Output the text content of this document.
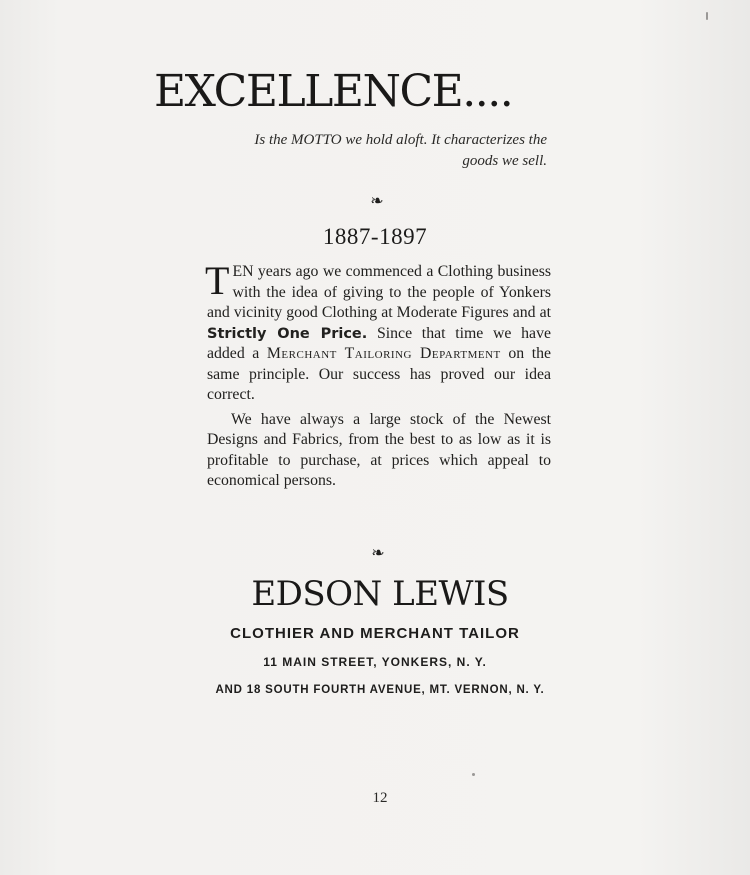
EXCELLENCE....
Is the MOTTO we hold aloft. It characterizes the goods we sell.
❧
1887-1897

TEN years ago we commenced a Clothing business with the idea of giving to the people of Yonkers and vicinity good Clothing at Moderate Figures and at Strictly One Price. Since that time we have added a Merchant Tailoring Department on the same principle. Our success has proved our idea correct.

We have always a large stock of the Newest Designs and Fabrics, from the best to as low as it is profitable to purchase, at prices which appeal to economical persons.

❧
EDSON LEWIS
CLOTHIER AND MERCHANT TAILOR
11 MAIN STREET, YONKERS, N. Y.
AND 18 SOUTH FOURTH AVENUE, MT. VERNON, N. Y.
12
